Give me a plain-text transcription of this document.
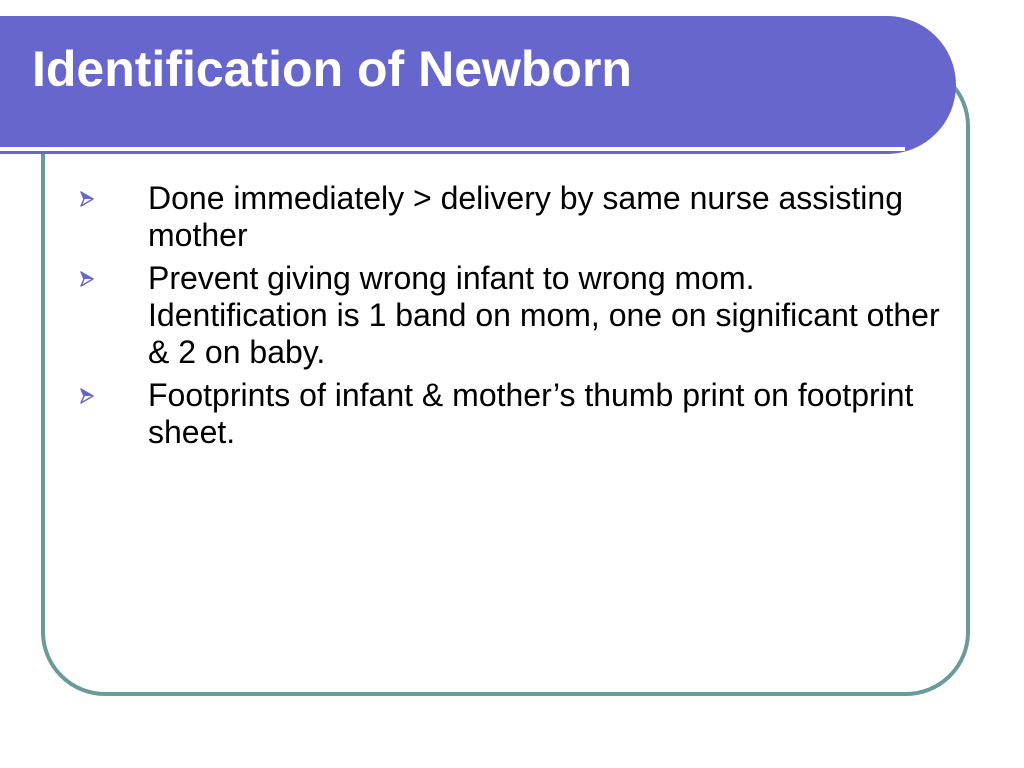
Identification of Newborn
Done immediately > delivery by same nurse assisting mother
Prevent giving wrong infant to wrong mom. Identification is 1 band on mom, one on significant other & 2 on baby.
Footprints of infant & mother’s thumb print on footprint sheet.
